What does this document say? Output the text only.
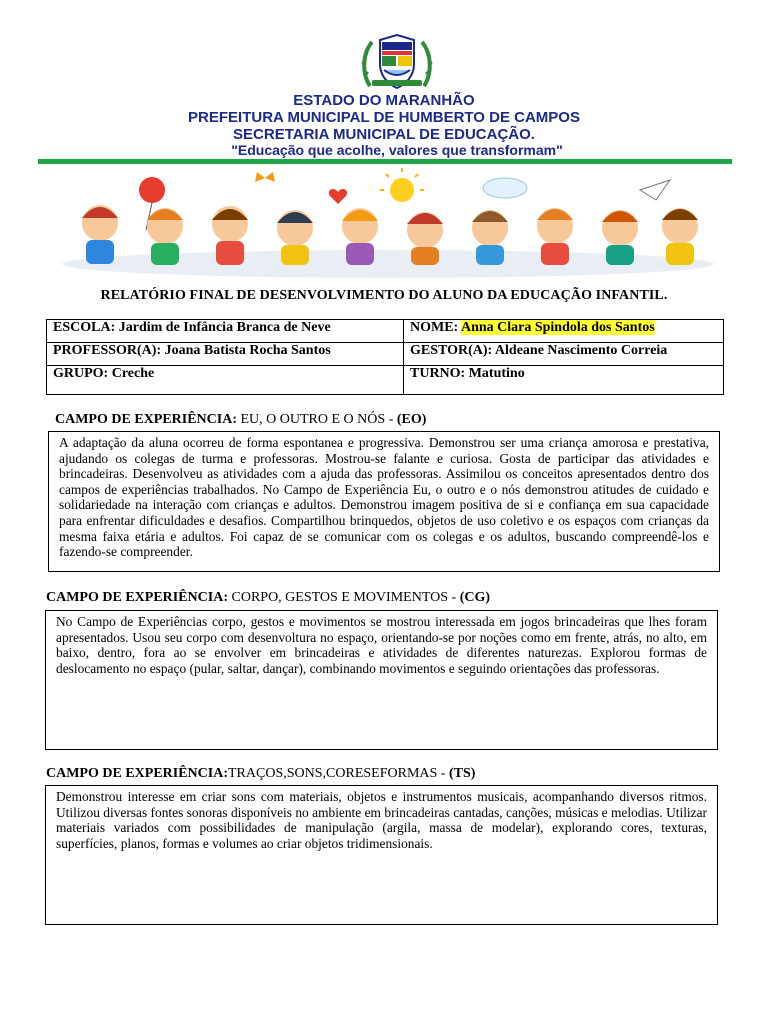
ESTADO DO MARANHÃO
PREFEITURA MUNICIPAL DE HUMBERTO DE CAMPOS
SECRETARIA MUNICIPAL DE EDUCAÇÃO.
"Educação que acolhe, valores que transformam"
RELATÓRIO FINAL DE DESENVOLVIMENTO DO ALUNO DA EDUCAÇÃO INFANTIL.
ESCOLA: Jardim de Infância Branca de Neve	NOME: Anna Clara Spindola dos Santos
PROFESSOR(A): Joana Batista Rocha Santos	GESTOR(A): Aldeane Nascimento Correia
GRUPO: Creche	TURNO: Matutino
CAMPO DE EXPERIÊNCIA: EU, O OUTRO E O NÓS - (EO)
A adaptação da aluna ocorreu de forma espontanea e progressiva. Demonstrou ser uma criança amorosa e prestativa, ajudando os colegas de turma e professoras. Mostrou-se falante e curiosa. Gosta de participar das atividades e brincadeiras. Desenvolveu as atividades com a ajuda das professoras. Assimilou os conceitos apresentados dentro dos campos de experiências trabalhados. No Campo de Experiência Eu, o outro e o nós demonstrou atitudes de cuidado e solidariedade na interação com crianças e adultos. Demonstrou imagem positiva de si e confiança em sua capacidade para enfrentar dificuldades e desafios. Compartilhou brinquedos, objetos de uso coletivo e os espaços com crianças da mesma faixa etária e adultos. Foi capaz de se comunicar com os colegas e os adultos, buscando compreendê-los e fazendo-se compreender.
CAMPO DE EXPERIÊNCIA: CORPO, GESTOS E MOVIMENTOS - (CG)
No Campo de Experiências corpo, gestos e movimentos se mostrou interessada em jogos brincadeiras que lhes foram apresentados. Usou seu corpo com desenvoltura no espaço, orientando-se por noções como em frente, atrás, no alto, em baixo, dentro, fora ao se envolver em brincadeiras e atividades de diferentes naturezas. Explorou formas de deslocamento no espaço (pular, saltar, dançar), combinando movimentos e seguindo orientações das professoras.
CAMPO DE EXPERIÊNCIA:TRAÇOS,SONS,CORESEFORMAS - (TS)
Demonstrou interesse em criar sons com materiais, objetos e instrumentos musicais, acompanhando diversos ritmos. Utilizou diversas fontes sonoras disponíveis no ambiente em brincadeiras cantadas, canções, músicas e melodias. Utilizar materiais variados com possibilidades de manipulação (argila, massa de modelar), explorando cores, texturas, superfícies, planos, formas e volumes ao criar objetos tridimensionais.
